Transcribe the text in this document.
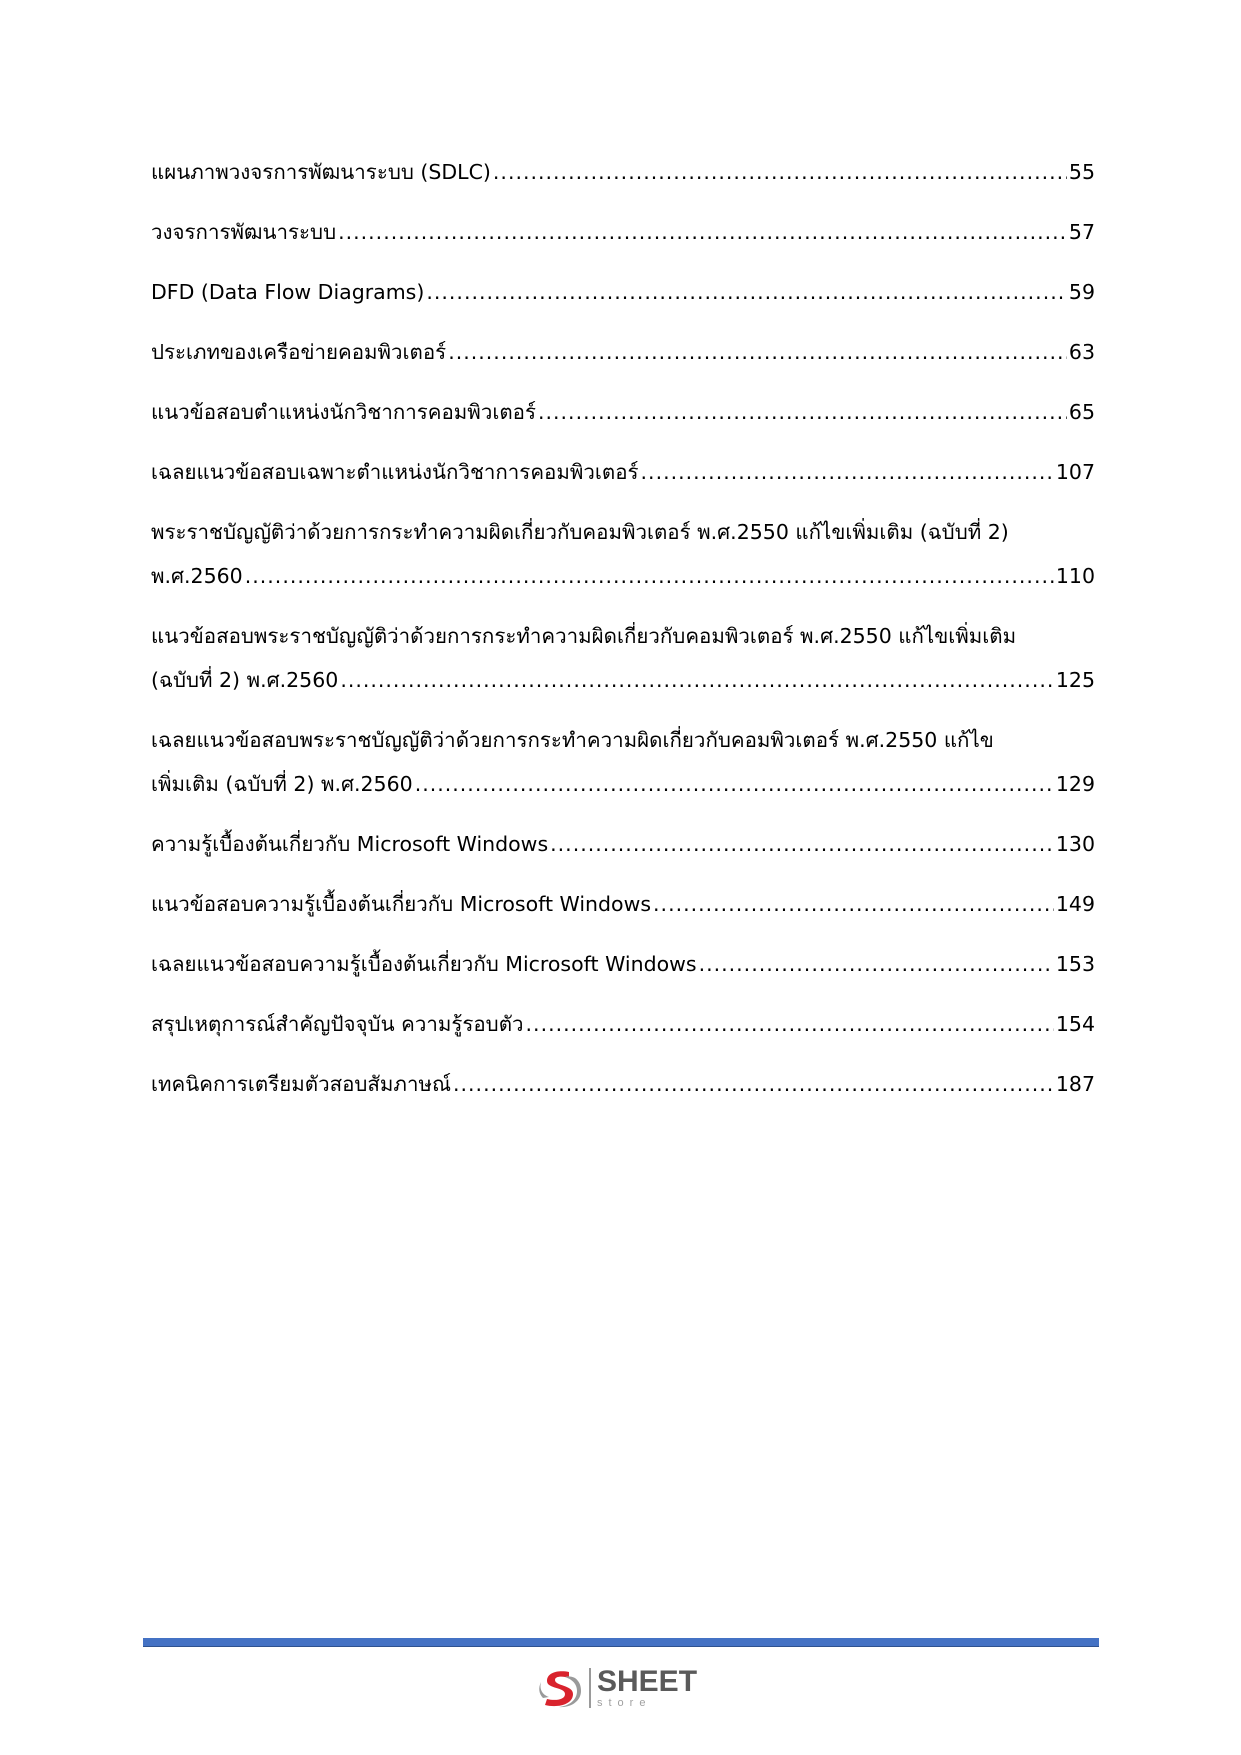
แผนภาพวงจรการพัฒนาระบบ (SDLC) .....	55
วงจรการพัฒนาระบบ .....	57
DFD (Data Flow Diagrams) .....	59
ประเภทของเครือข่ายคอมพิวเตอร์ .....	63
แนวข้อสอบตำแหน่งนักวิชาการคอมพิวเตอร์ .....	65
เฉลยแนวข้อสอบเฉพาะตำแหน่งนักวิชาการคอมพิวเตอร์ .....	107
พระราชบัญญัติว่าด้วยการกระทำความผิดเกี่ยวกับคอมพิวเตอร์ พ.ศ.2550 แก้ไขเพิ่มเติม (ฉบับที่ 2)
พ.ศ.2560 .....	110
แนวข้อสอบพระราชบัญญัติว่าด้วยการกระทำความผิดเกี่ยวกับคอมพิวเตอร์ พ.ศ.2550 แก้ไขเพิ่มเติม
(ฉบับที่ 2) พ.ศ.2560 .....	125
เฉลยแนวข้อสอบพระราชบัญญัติว่าด้วยการกระทำความผิดเกี่ยวกับคอมพิวเตอร์ พ.ศ.2550 แก้ไข
เพิ่มเติม (ฉบับที่ 2) พ.ศ.2560 .....	129
ความรู้เบื้องต้นเกี่ยวกับ Microsoft Windows .....	130
แนวข้อสอบความรู้เบื้องต้นเกี่ยวกับ Microsoft Windows .....	149
เฉลยแนวข้อสอบความรู้เบื้องต้นเกี่ยวกับ Microsoft Windows .....	153
สรุปเหตุการณ์สำคัญปัจจุบัน ความรู้รอบตัว .....	154
เทคนิคการเตรียมตัวสอบสัมภาษณ์ .....	187
SHEET
store
